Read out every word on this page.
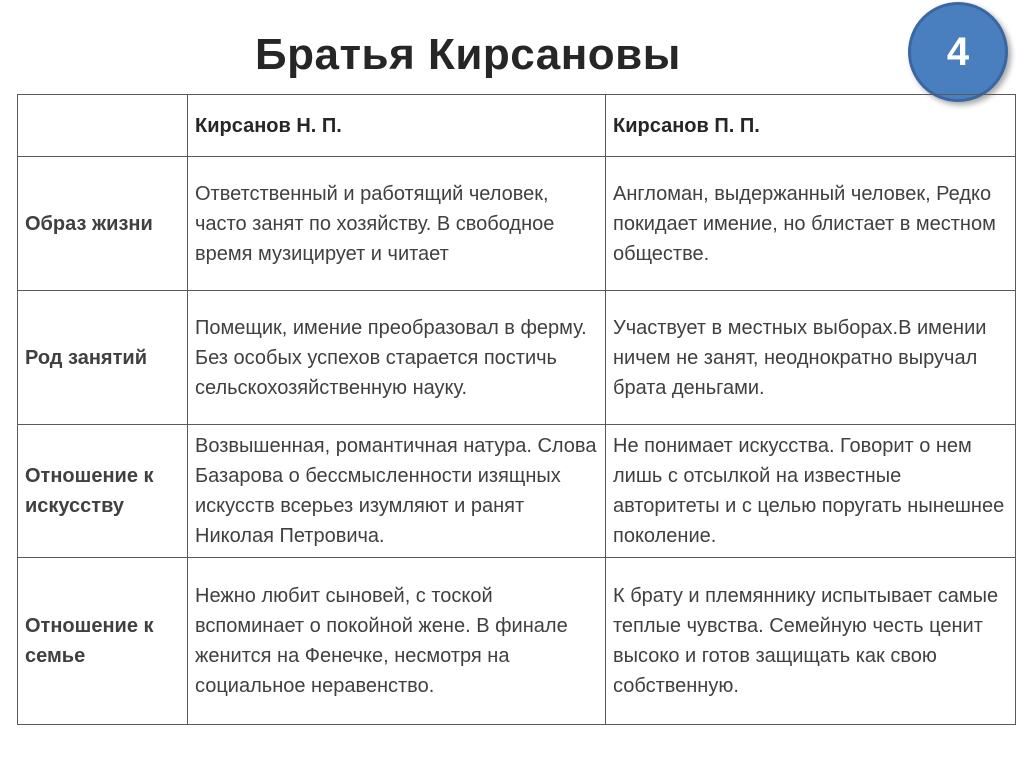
Братья Кирсановы	4
	Кирсанов Н. П.	Кирсанов П. П.
Образ жизни	Ответственный и работящий человек, часто занят по хозяйству. В свободное время музицирует и читает	Англоман, выдержанный человек, Редко покидает имение, но блистает в местном обществе.
Род занятий	Помещик, имение преобразовал в ферму. Без особых успехов старается постичь сельскохозяйственную науку.	Участвует в местных выборах.В имении ничем не занят, неоднократно выручал брата деньгами.
Отношение к искусству	Возвышенная, романтичная натура. Слова Базарова о бессмысленности изящных искусств всерьез изумляют и ранят Николая Петровича.	Не понимает искусства. Говорит о нем лишь с отсылкой на известные авторитеты и с целью поругать нынешнее поколение.
Отношение к семье	Нежно любит сыновей, с тоской вспоминает о покойной жене. В финале женится на Фенечке, несмотря на социальное неравенство.	К брату и племяннику испытывает самые теплые чувства. Семейную честь ценит высоко и готов защищать как свою собственную.
